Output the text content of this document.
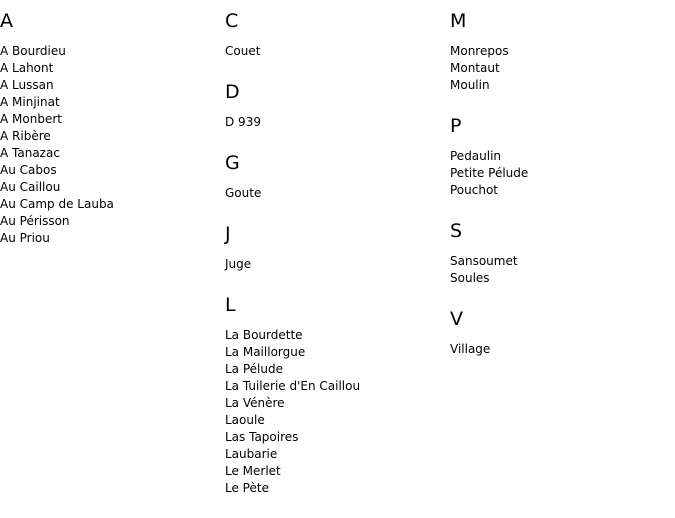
A
A Bourdieu
A Lahont
A Lussan
A Minjinat
A Monbert
A Ribère
A Tanazac
Au Cabos
Au Caillou
Au Camp de Lauba
Au Périsson
Au Priou
C
Couet
D
D 939
G
Goute
J
Juge
L
La Bourdette
La Maillorgue
La Pélude
La Tuilerie d'En Caillou
La Vénère
Laoule
Las Tapoires
Laubarie
Le Merlet
Le Pète
M
Monrepos
Montaut
Moulin
P
Pedaulin
Petite Pélude
Pouchot
S
Sansoumet
Soules
V
Village
